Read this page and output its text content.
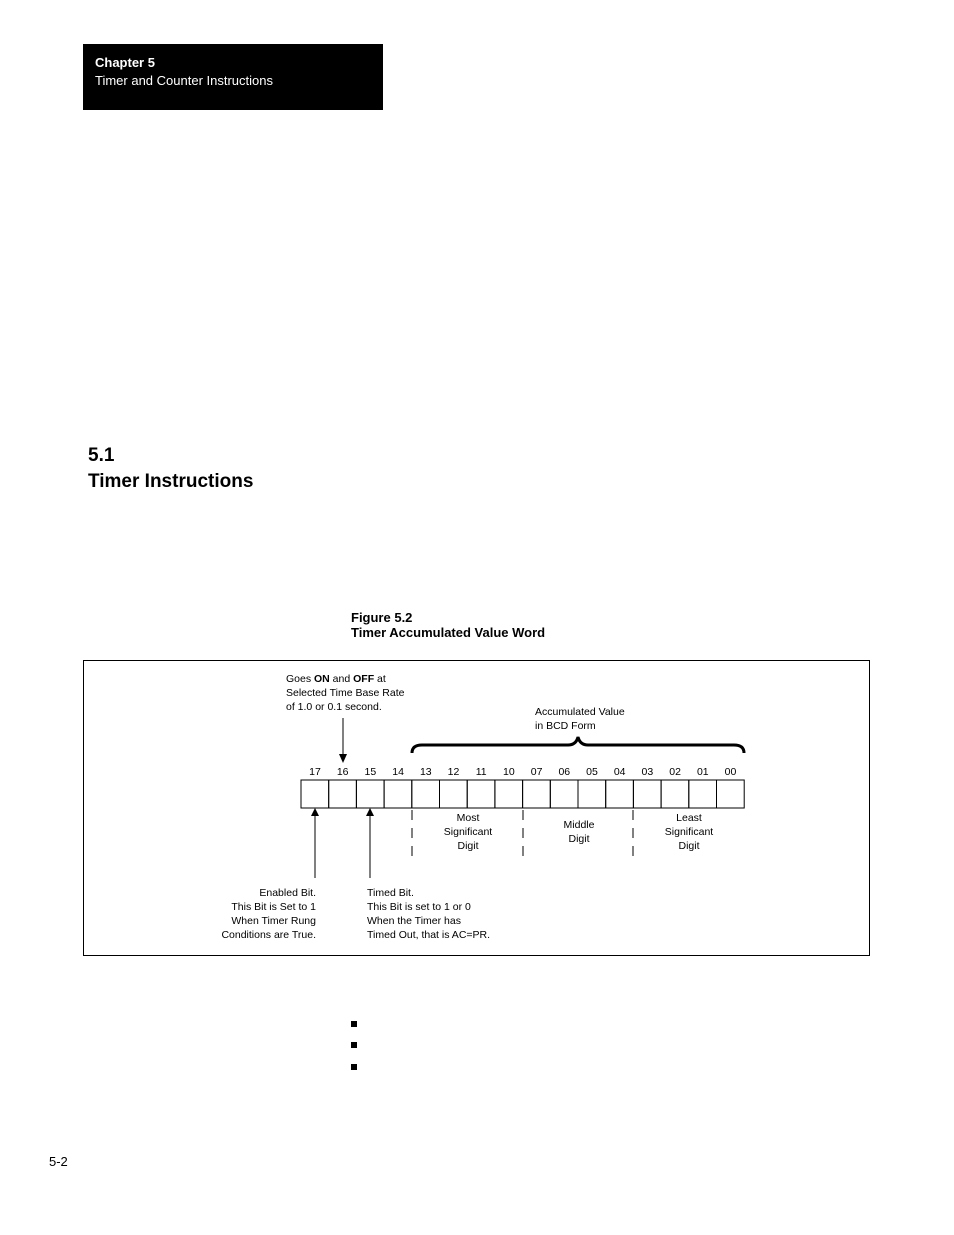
Chapter 5
Timer and Counter Instructions
5.1
Timer Instructions
Figure 5.2
Timer Accumulated Value Word
Goes ON and OFF at
Selected Time Base Rate
of 1.0 or 0.1 second.	Accumulated Value
in BCD Form
17	16	15	14	13	12	11	10	07	06	05	04	03	02	01	00
Most
Significant
Digit
Middle
Digit
Least
Significant
Digit
Enabled Bit.
This Bit is Set to 1
When Timer Rung
Conditions are True.
Timed Bit.
This Bit is set to 1 or 0
When the Timer has
Timed Out, that is AC=PR.
5-2
